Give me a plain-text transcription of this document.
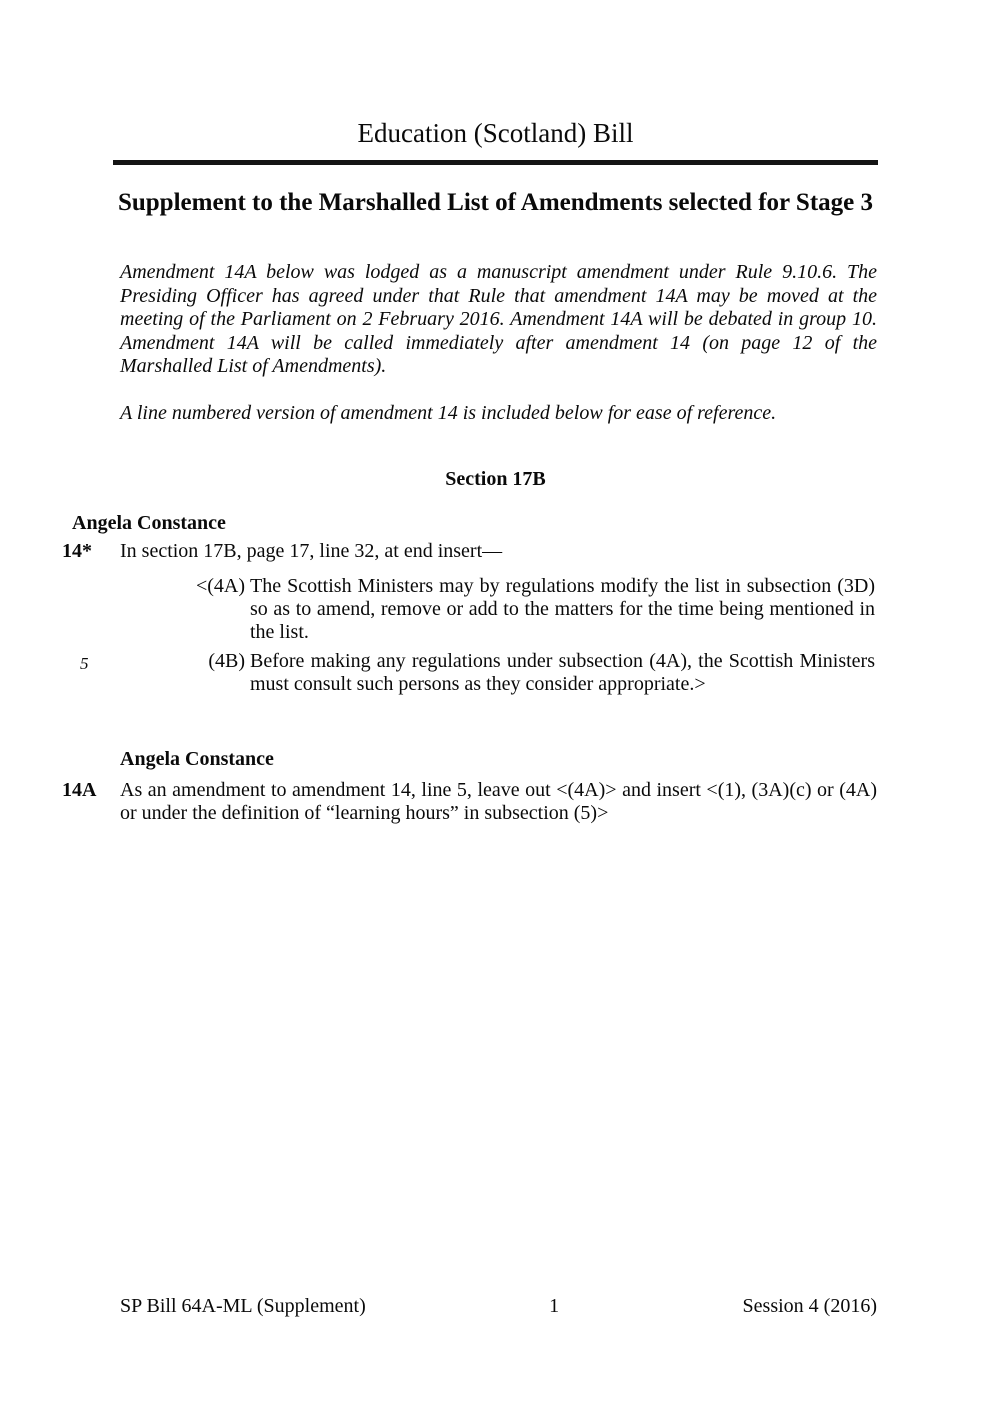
Education (Scotland) Bill
Supplement to the Marshalled List of Amendments selected for Stage 3

Amendment 14A below was lodged as a manuscript amendment under Rule 9.10.6. The Presiding Officer has agreed under that Rule that amendment 14A may be moved at the meeting of the Parliament on 2 February 2016. Amendment 14A will be debated in group 10. Amendment 14A will be called immediately after amendment 14 (on page 12 of the Marshalled List of Amendments).

A line numbered version of amendment 14 is included below for ease of reference.

Section 17B
Angela Constance
14* In section 17B, page 17, line 32, at end insert—

<(4A) The Scottish Ministers may by regulations modify the list in subsection (3D) so as to amend, remove or add to the matters for the time being mentioned in the list.

5	(4B) Before making any regulations under subsection (4A), the Scottish Ministers must consult such persons as they consider appropriate.>

Angela Constance
14A As an amendment to amendment 14, line 5, leave out <(4A)> and insert <(1), (3A)(c) or (4A) or under the definition of “learning hours” in subsection (5)>

SP Bill 64A-ML (Supplement)	1	Session 4 (2016)
